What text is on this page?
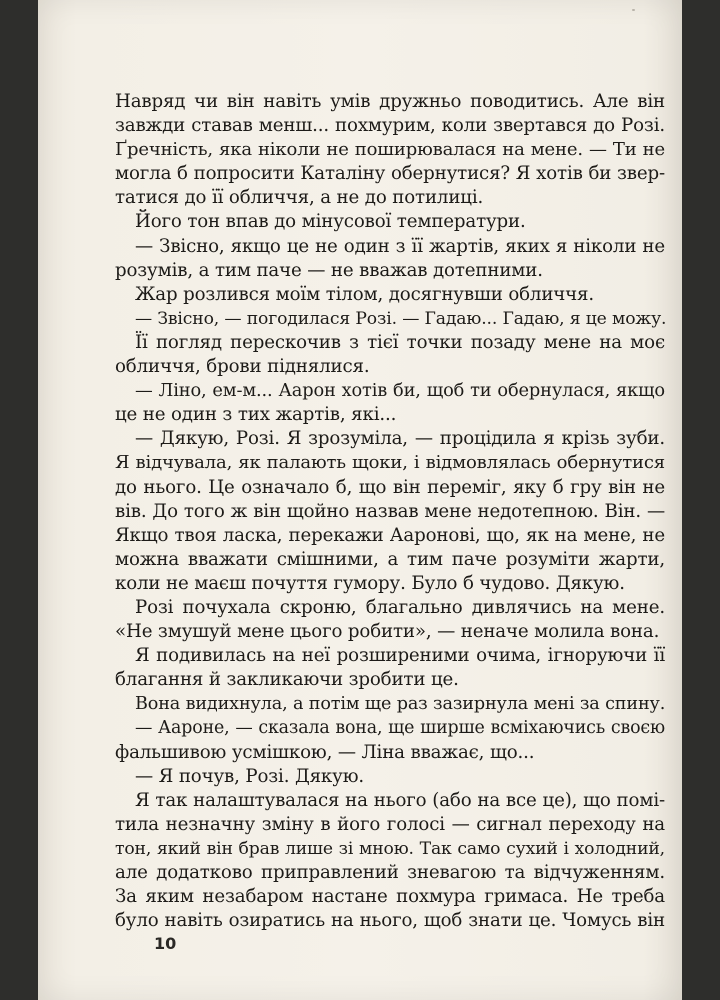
Навряд чи він навіть умів дружньо поводитись. Але він
завжди ставав менш... похмурим, коли звертався до Розі.
Ґречність, яка ніколи не поширювалася на мене. — Ти не
могла б попросити Каталіну обернутися? Я хотів би звер-
татися до її обличчя, а не до потилиці.
Його тон впав до мінусової температури.
— Звісно, якщо це не один з її жартів, яких я ніколи не
розумів, а тим паче — не вважав дотепними.
Жар розлився моїм тілом, досягнувши обличчя.
— Звісно, — погодилася Розі. — Гадаю... Гадаю, я це можу.
Її погляд перескочив з тієї точки позаду мене на моє
обличчя, брови піднялися.
— Ліно, ем-м... Аарон хотів би, щоб ти обернулася, якщо
це не один з тих жартів, які...
— Дякую, Розі. Я зрозуміла, — процідила я крізь зуби.
Я відчувала, як палають щоки, і відмовлялась обернутися
до нього. Це означало б, що він переміг, яку б гру він не
вів. До того ж він щойно назвав мене недотепною. Він. —
Якщо твоя ласка, перекажи Ааронові, що, як на мене, не
можна вважати смішними, а тим паче розуміти жарти,
коли не маєш почуття гумору. Було б чудово. Дякую.
Розі почухала скроню, благально дивлячись на мене.
«Не змушуй мене цього робити», — неначе молила вона.
Я подивилась на неї розширеними очима, ігноруючи її
благання й закликаючи зробити це.
Вона видихнула, а потім ще раз зазирнула мені за спину.
— Аароне, — сказала вона, ще ширше всміхаючись своєю
фальшивою усмішкою, — Ліна вважає, що...
— Я почув, Розі. Дякую.
Я так налаштувалася на нього (або на все це), що помі-
тила незначну зміну в його голосі — сигнал переходу на
тон, який він брав лише зі мною. Так само сухий і холодний,
але додатково приправлений зневагою та відчуженням.
За яким незабаром настане похмура гримаса. Не треба
було навіть озиратись на нього, щоб знати це. Чомусь він
10
